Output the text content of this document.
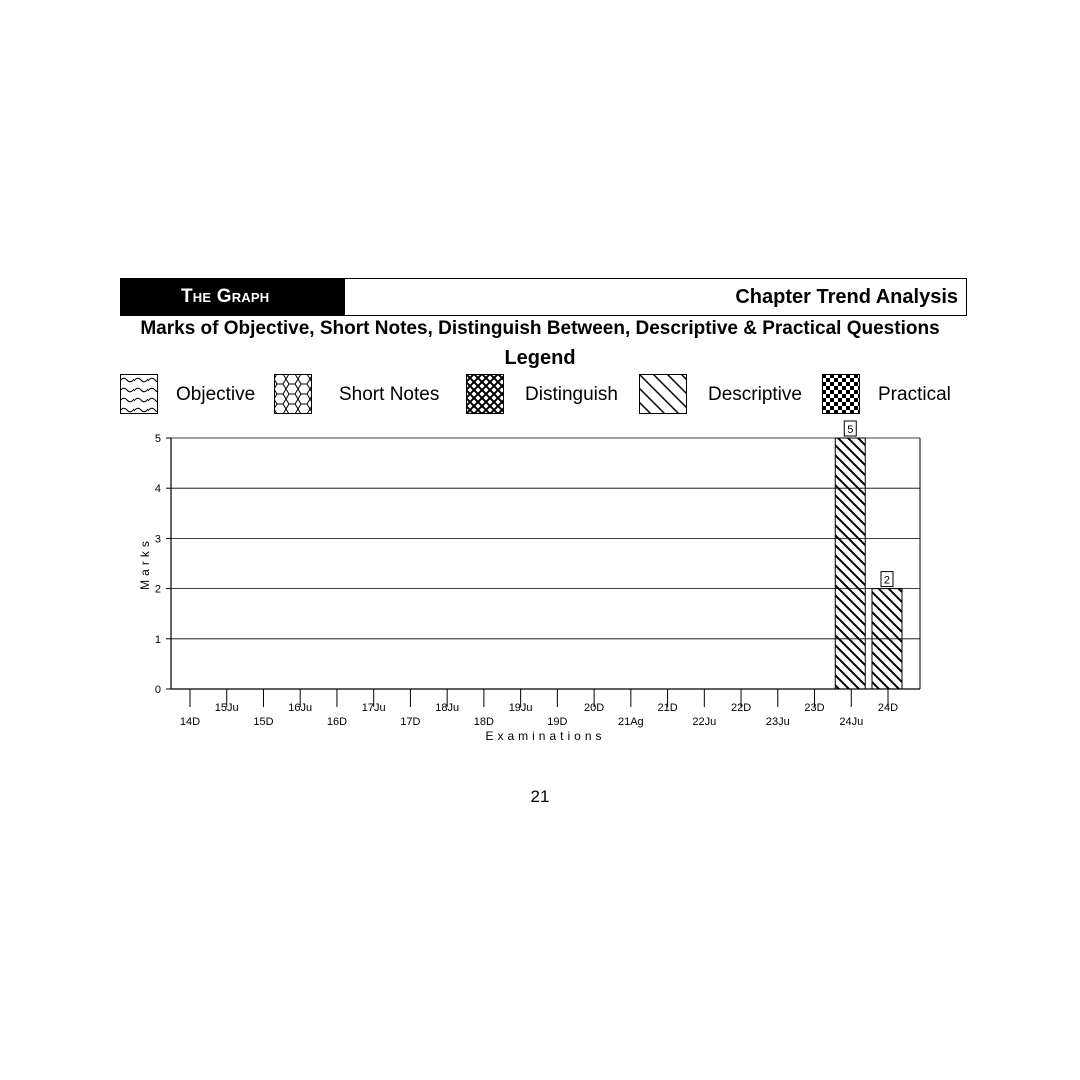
The Graph	Chapter Trend Analysis
Marks of Objective, Short Notes, Distinguish Between, Descriptive & Practical Questions
Legend
Objective	Short Notes	Distinguish	Descriptive	Practical
0
1
2
3
4
5
Marks
14D
15Ju
15D
16Ju
16D
17Ju
17D
18Ju
18D
19Ju
19D
20D
21Ag
21D
22Ju
22D
23Ju
23D
24Ju
24D
5
2
Examinations
21
